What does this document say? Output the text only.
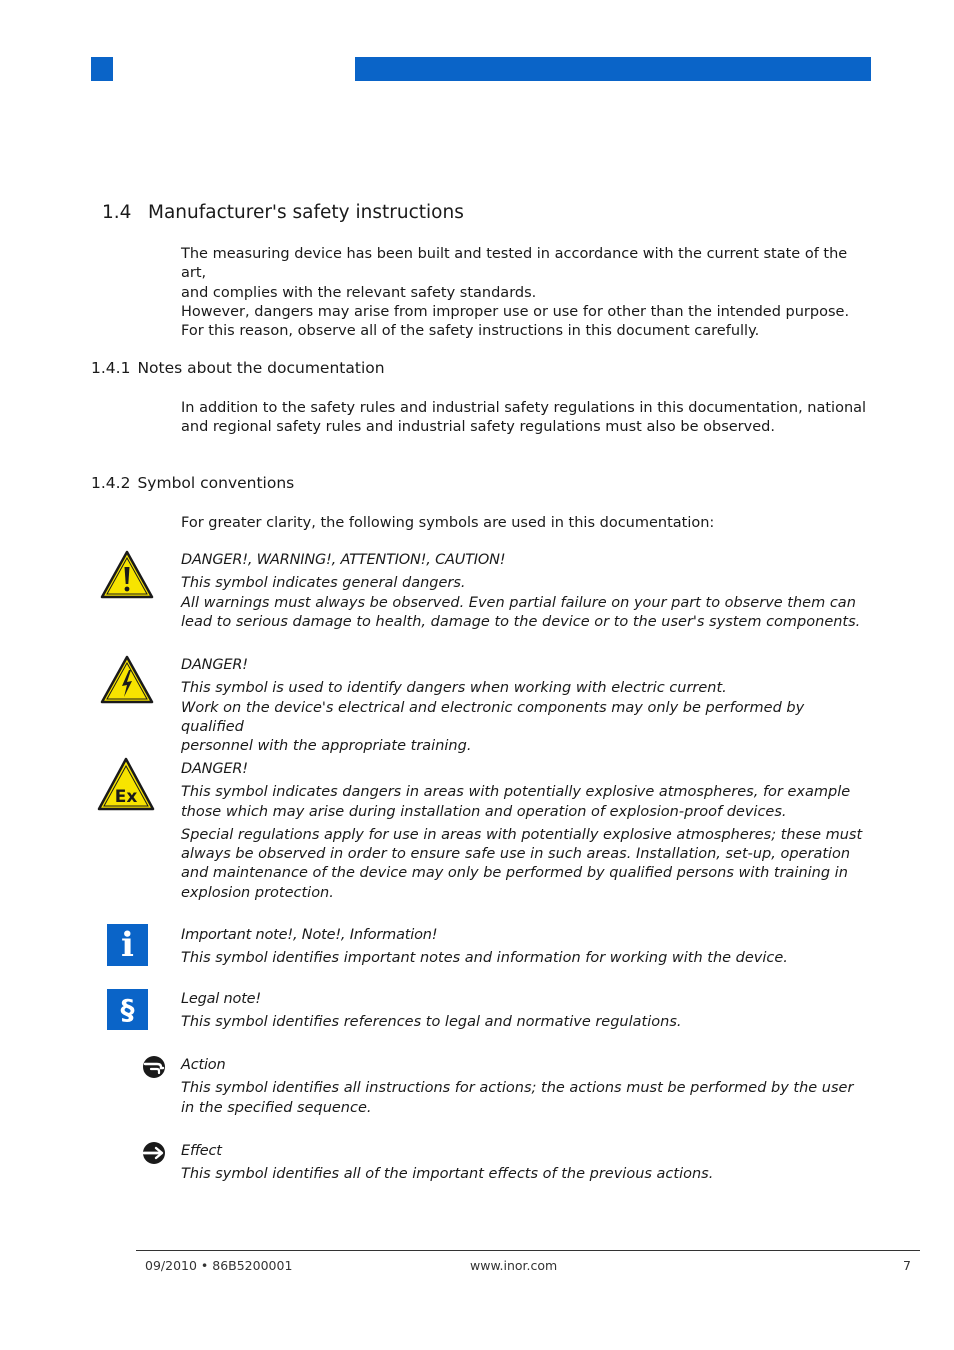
1.4 Manufacturer's safety instructions

The measuring device has been built and tested in accordance with the current state of the art,

and complies with the relevant safety standards.

However, dangers may arise from improper use or use for other than the intended purpose.

For this reason, observe all of the safety instructions in this document carefully.

1.4.1 Notes about the documentation

In addition to the safety rules and industrial safety regulations in this documentation, national

and regional safety rules and industrial safety regulations must also be observed.

1.4.2 Symbol conventions

For greater clarity, the following symbols are used in this documentation:

Ex
i
§

DANGER!, WARNING!, ATTENTION!, CAUTION!

This symbol indicates general dangers.

All warnings must always be observed. Even partial failure on your part to observe them can

lead to serious damage to health, damage to the device or to the user's system components.

DANGER!

This symbol is used to identify dangers when working with electric current.

Work on the device's electrical and electronic components may only be performed by qualified

personnel with the appropriate training.

DANGER!

This symbol indicates dangers in areas with potentially explosive atmospheres, for example

those which may arise during installation and operation of explosion-proof devices.

Special regulations apply for use in areas with potentially explosive atmospheres; these must

always be observed in order to ensure safe use in such areas. Installation, set-up, operation

and maintenance of the device may only be performed by qualified persons with training in

explosion protection.

Important note!, Note!, Information!

This symbol identifies important notes and information for working with the device.

Legal note!

This symbol identifies references to legal and normative regulations.

Action

This symbol identifies all instructions for actions; the actions must be performed by the user

in the specified sequence.

Effect

This symbol identifies all of the important effects of the previous actions.

09/2010 • 86B5200001	www.inor.com	7
